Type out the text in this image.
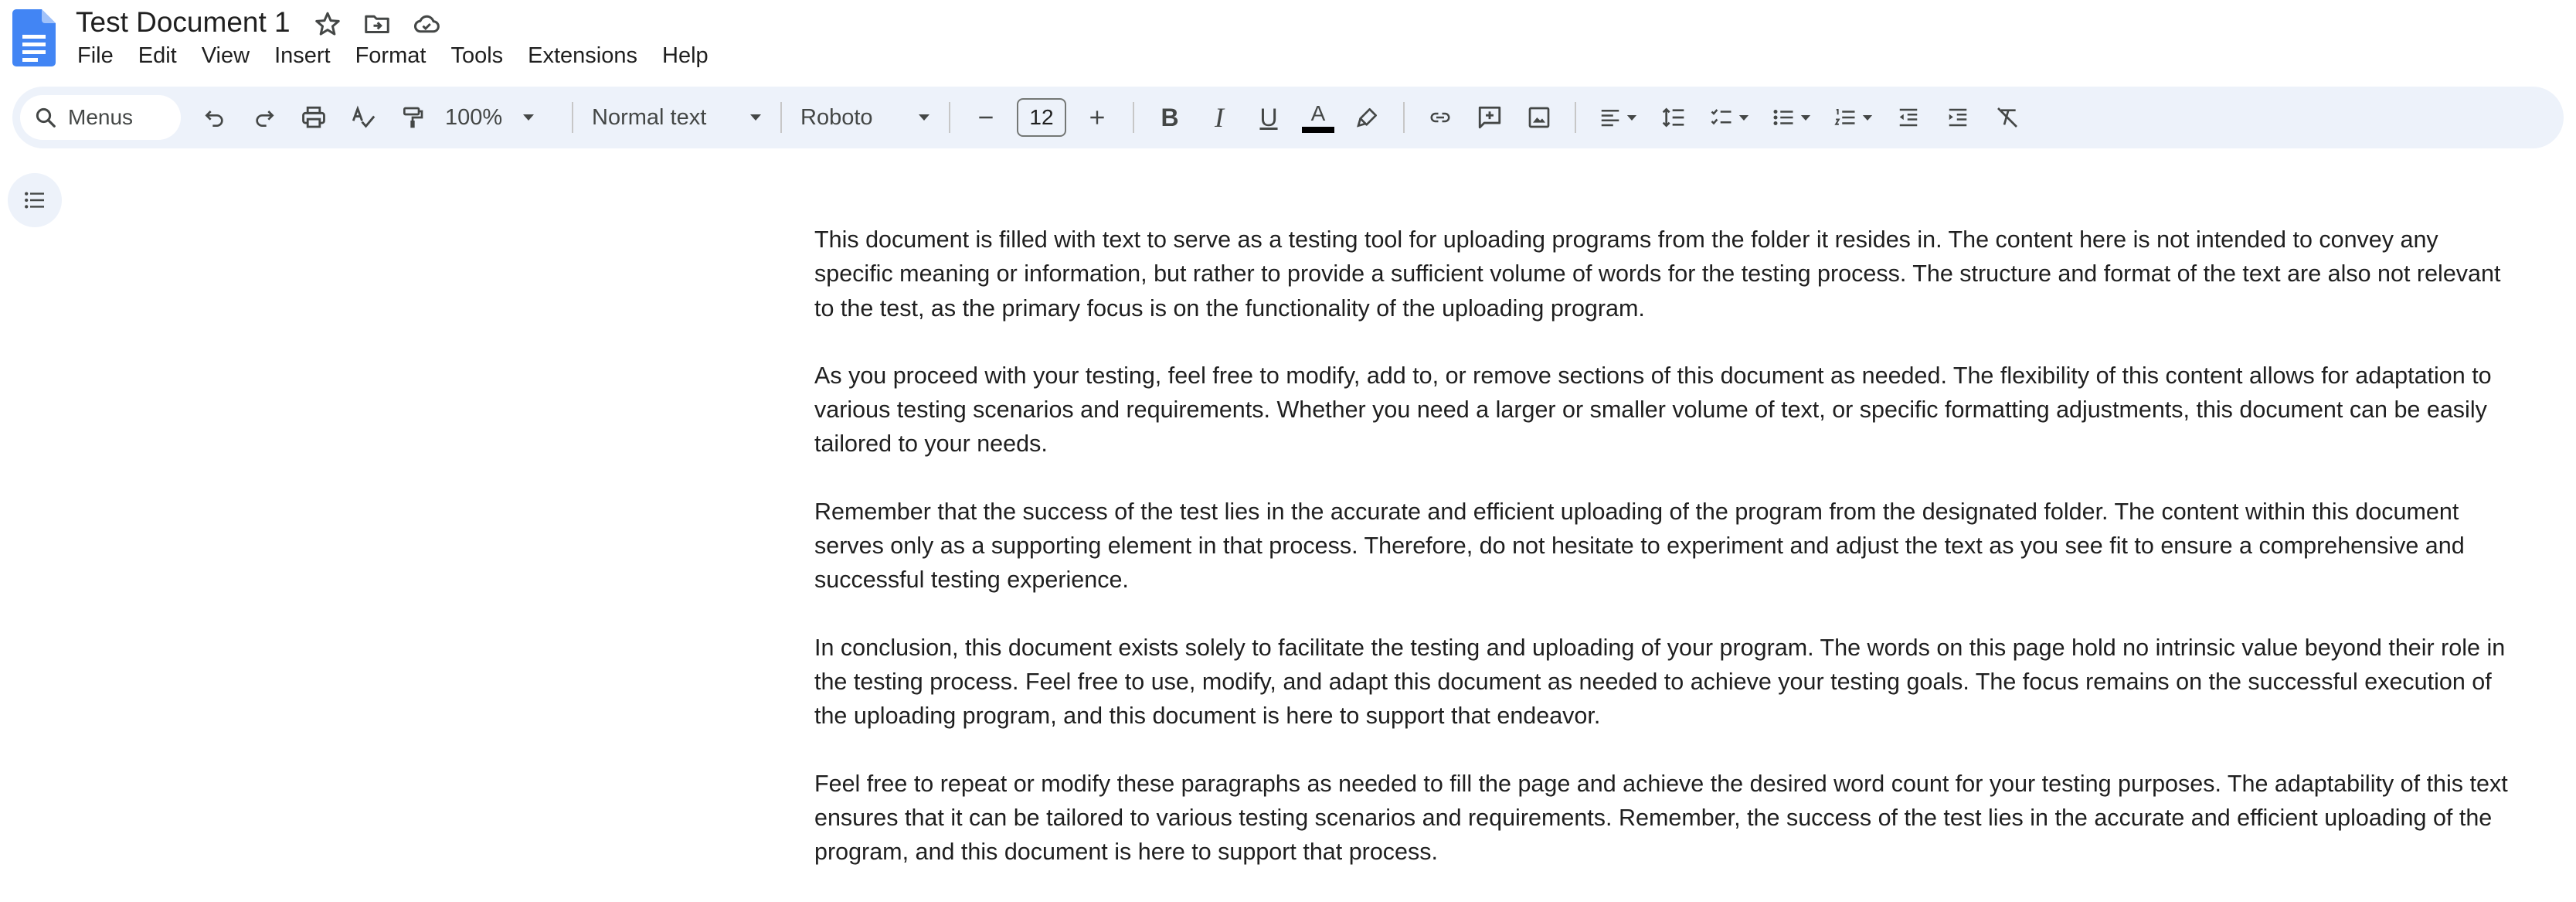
Test Document 1
File	Edit	View	Insert	Format	Tools	Extensions	Help
Menus	100%	Normal text	Roboto	12	B	I	U	A

This document is filled with text to serve as a testing tool for uploading programs from the folder it resides in. The content here is not intended to convey any specific meaning or information, but rather to provide a sufficient volume of words for the testing process. The structure and format of the text are also not relevant to the test, as the primary focus is on the functionality of the uploading program.

As you proceed with your testing, feel free to modify, add to, or remove sections of this document as needed. The flexibility of this content allows for adaptation to various testing scenarios and requirements. Whether you need a larger or smaller volume of text, or specific formatting adjustments, this document can be easily tailored to your needs.

Remember that the success of the test lies in the accurate and efficient uploading of the program from the designated folder. The content within this document serves only as a supporting element in that process. Therefore, do not hesitate to experiment and adjust the text as you see fit to ensure a comprehensive and successful testing experience.

In conclusion, this document exists solely to facilitate the testing and uploading of your program. The words on this page hold no intrinsic value beyond their role in the testing process. Feel free to use, modify, and adapt this document as needed to achieve your testing goals. The focus remains on the successful execution of the uploading program, and this document is here to support that endeavor.

Feel free to repeat or modify these paragraphs as needed to fill the page and achieve the desired word count for your testing purposes. The adaptability of this text ensures that it can be tailored to various testing scenarios and requirements. Remember, the success of the test lies in the accurate and efficient uploading of the program, and this document is here to support that process.
